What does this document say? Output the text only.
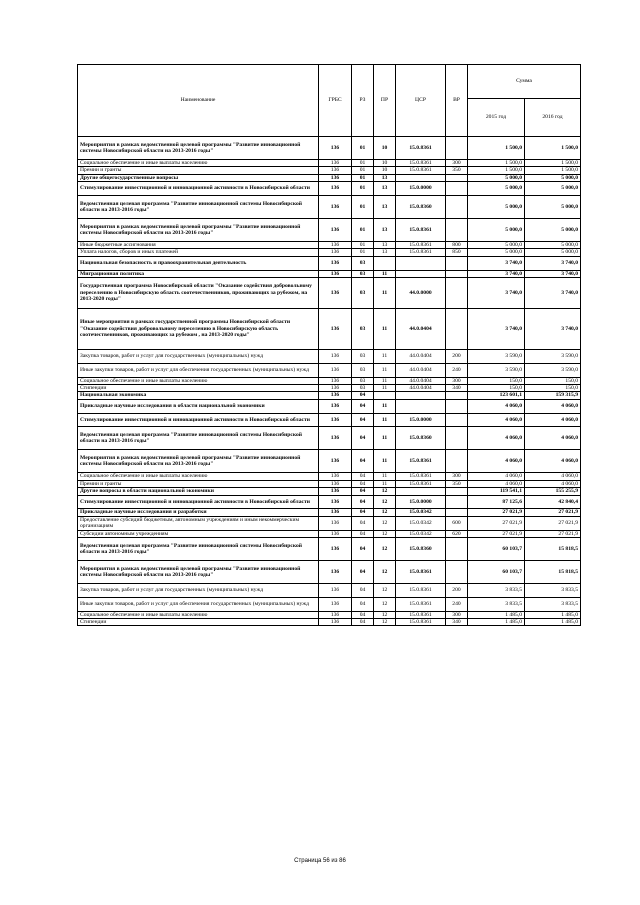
Наименование	ГРБС	РЗ	ПР	ЦСР	ВР	Сумма	
						2015 год	2016 год
Мероприятия в рамках ведомственной целевой программы "Развитие инновационной системы Новосибирской области на 2013-2016 годы"	136	01	10	15.0.8361		1 500,0	1 500,0
Социальное обеспечение и иные выплаты населению	136	01	10	15.0.8361	300	1 500,0	1 500,0
Премии и гранты	136	01	10	15.0.8361	350	1 500,0	1 500,0
Другие общегосударственные вопросы	136	01	13			5 000,0	5 000,0
Стимулирование инвестиционной и инновационной активности в Новосибирской области	136	01	13	15.0.0000		5 000,0	5 000,0
Ведомственная целевая программа "Развитие инновационной системы Новосибирской области на 2013-2016 годы"	136	01	13	15.0.8360		5 000,0	5 000,0
Мероприятия в рамках ведомственной целевой программы "Развитие инновационной системы Новосибирской области на 2013-2016 годы"	136	01	13	15.0.8361		5 000,0	5 000,0
Иные бюджетные ассигнования	136	01	13	15.0.8361	800	5 000,0	5 000,0
Уплата налогов, сборов и иных платежей	136	01	13	15.0.8361	850	5 000,0	5 000,0
Национальная безопасность и правоохранительная деятельность	136	03				3 740,0	3 740,0
Миграционная политика	136	03	11			3 740,0	3 740,0
Государственная программа Новосибирской области "Оказание содействия добровольному переселению в Новосибирскую область соотечественников, проживающих за рубежом, на 2013-2020 годы"	136	03	11	44.0.0000		3 740,0	3 740,0
Иные мероприятия в рамках государственной программы Новосибирской области "Оказание содействия добровольному переселению в Новосибирскую область соотечественников, проживающих за рубежом , на 2013-2020 годы"	136	03	11	44.0.0404		3 740,0	3 740,0
Закупка товаров, работ и услуг для государственных (муниципальных) нужд	136	03	11	44.0.0404	200	3 590,0	3 590,0
Иные закупки товаров, работ и услуг для обеспечения государственных (муниципальных) нужд	136	03	11	44.0.0404	240	3 590,0	3 590,0
Социальное обеспечение и иные выплаты населению	136	03	11	44.0.0404	300	150,0	150,0
Стипендии	136	03	11	44.0.0404	340	150,0	150,0
Национальная экономика	136	04				123 601,1	159 315,9
Прикладные научные исследования в области национальной экономики	136	04	11			4 060,0	4 060,0
Стимулирование инвестиционной и инновационной активности в Новосибирской области	136	04	11	15.0.0000		4 060,0	4 060,0
Ведомственная целевая программа "Развитие инновационной системы Новосибирской области на 2013-2016 годы"	136	04	11	15.0.8360		4 060,0	4 060,0
Мероприятия в рамках ведомственной целевой программы "Развитие инновационной системы Новосибирской области на 2013-2016 годы"	136	04	11	15.0.8361		4 060,0	4 060,0
Социальное обеспечение и иные выплаты населению	136	04	11	15.0.8361	300	4 060,0	4 060,0
Премии и гранты	136	04	11	15.0.8361	350	4 060,0	4 060,0
Другие вопросы в области национальной экономики	136	04	12			119 541,1	155 255,9
Стимулирование инвестиционной и инновационной активности в Новосибирской области	136	04	12	15.0.0000		87 125,6	42 840,4
Прикладные научные исследования и разработки	136	04	12	15.0.0342		27 021,9	27 021,9
Предоставление субсидий бюджетным, автономным учреждениям и иным некоммерческим организациям	136	04	12	15.0.0342	600	27 021,9	27 021,9
Субсидии автономным учреждениям	136	04	12	15.0.0342	620	27 021,9	27 021,9
Ведомственная целевая программа "Развитие инновационной системы Новосибирской области на 2013-2016 годы"	136	04	12	15.0.8360		60 103,7	15 818,5
Мероприятия в рамках ведомственной целевой программы "Развитие инновационной системы Новосибирской области на 2013-2016 годы"	136	04	12	15.0.8361		60 103,7	15 818,5
Закупка товаров, работ и услуг для государственных (муниципальных) нужд	136	04	12	15.0.8361	200	3 833,5	3 833,5
Иные закупки товаров, работ и услуг для обеспечения государственных (муниципальных) нужд	136	04	12	15.0.8361	240	3 833,5	3 833,5
Социальное обеспечение и иные выплаты населению	136	04	12	15.0.8361	300	1 485,0	1 485,0
Стипендии	136	04	12	15.0.8361	340	1 485,0	1 485,0
Страница 56 из 86
